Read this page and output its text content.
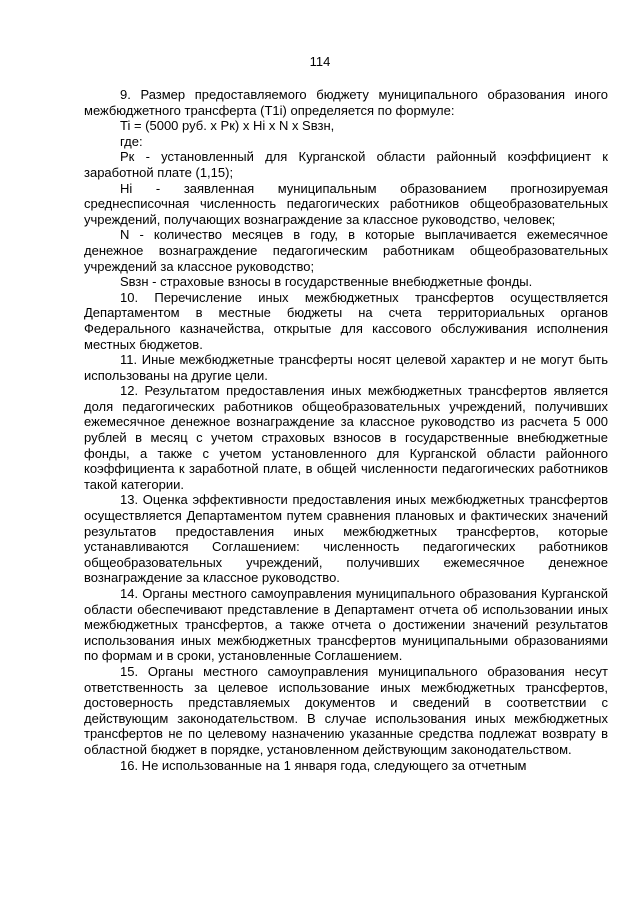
114

9. Размер предоставляемого бюджету муниципального образования иного межбюджетного трансферта (T1i) определяется по формуле:

Ti = (5000 руб. x Рк) x Hi x N x Sвзн,

где:

Рк - установленный для Курганской области районный коэффициент к заработной плате (1,15);

Hi - заявленная муниципальным образованием прогнозируемая среднесписочная численность педагогических работников общеобразовательных учреждений, получающих вознаграждение за классное руководство, человек;

N - количество месяцев в году, в которые выплачивается ежемесячное денежное вознаграждение педагогическим работникам общеобразовательных учреждений за классное руководство;

Sвзн - страховые взносы в государственные внебюджетные фонды.

10. Перечисление иных межбюджетных трансфертов осуществляется Департаментом в местные бюджеты на счета территориальных органов Федерального казначейства, открытые для кассового обслуживания исполнения местных бюджетов.

11. Иные межбюджетные трансферты носят целевой характер и не могут быть использованы на другие цели.

12. Результатом предоставления иных межбюджетных трансфертов является доля педагогических работников общеобразовательных учреждений, получивших ежемесячное денежное вознаграждение за классное руководство из расчета 5 000 рублей в месяц с учетом страховых взносов в государственные внебюджетные фонды, а также с учетом установленного для Курганской области районного коэффициента к заработной плате, в общей численности педагогических работников такой категории.

13. Оценка эффективности предоставления иных межбюджетных трансфертов осуществляется Департаментом путем сравнения плановых и фактических значений результатов предоставления иных межбюджетных трансфертов, которые устанавливаются Соглашением: численность педагогических работников общеобразовательных учреждений, получивших ежемесячное денежное вознаграждение за классное руководство.

14. Органы местного самоуправления муниципального образования Курганской области обеспечивают представление в Департамент отчета об использовании иных межбюджетных трансфертов, а также отчета о достижении значений результатов использования иных межбюджетных трансфертов муниципальными образованиями по формам и в сроки, установленные Соглашением.

15. Органы местного самоуправления муниципального образования несут ответственность за целевое использование иных межбюджетных трансфертов, достоверность представляемых документов и сведений в соответствии с действующим законодательством. В случае использования иных межбюджетных трансфертов не по целевому назначению указанные средства подлежат возврату в областной бюджет в порядке, установленном действующим законодательством.

16. Не использованные на 1 января года, следующего за отчетным
